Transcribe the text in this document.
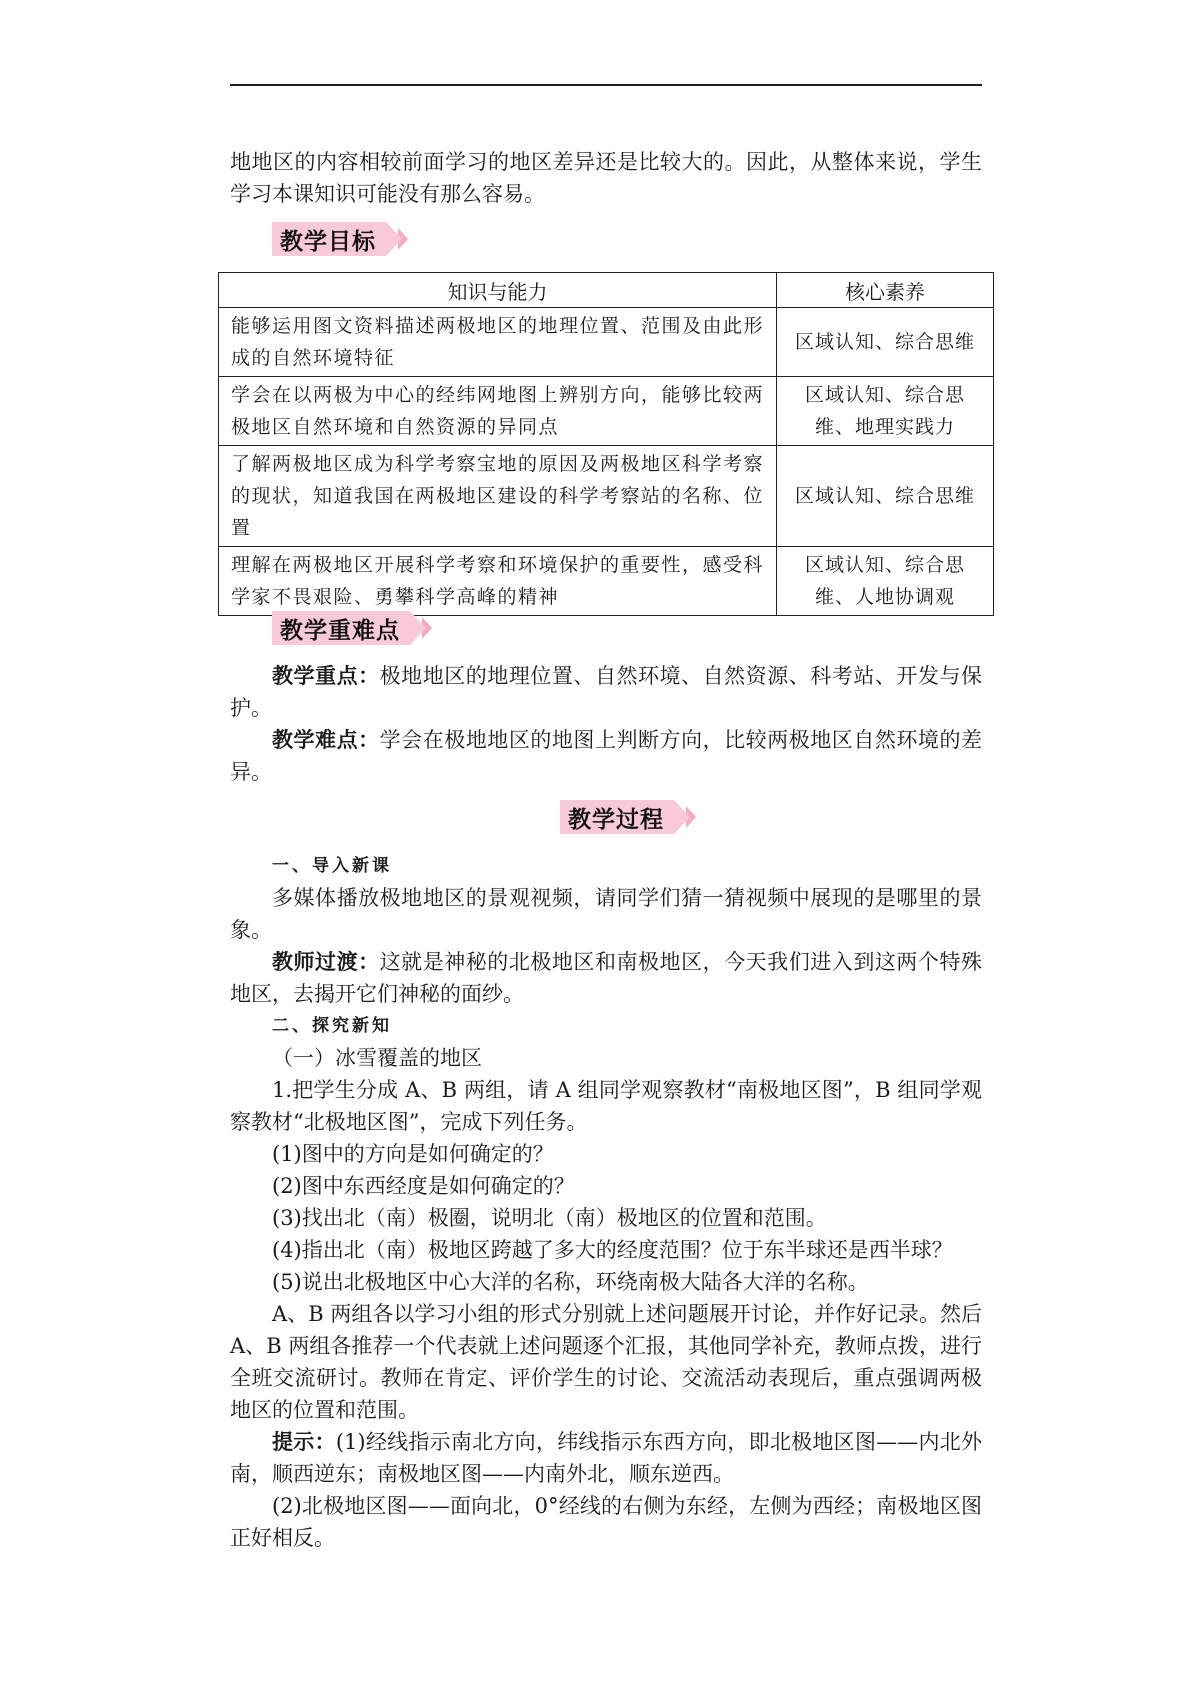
地地区的内容相较前面学习的地区差异还是比较大的。因此，从整体来说，学生学习本课知识可能没有那么容易。

教学目标
知识与能力	核心素养
能够运用图文资料描述两极地区的地理位置、范围及由此形成的自然环境特征	区域认知、综合思维
学会在以两极为中心的经纬网地图上辨别方向，能够比较两极地区自然环境和自然资源的异同点	区域认知、综合思维、地理实践力
了解两极地区成为科学考察宝地的原因及两极地区科学考察的现状，知道我国在两极地区建设的科学考察站的名称、位置	区域认知、综合思维
理解在两极地区开展科学考察和环境保护的重要性，感受科学家不畏艰险、勇攀科学高峰的精神	区域认知、综合思维、人地协调观
教学重难点

教学重点：极地地区的地理位置、自然环境、自然资源、科考站、开发与保护。

教学难点：学会在极地地区的地图上判断方向，比较两极地区自然环境的差异。

教学过程

一、导入新课

多媒体播放极地地区的景观视频，请同学们猜一猜视频中展现的是哪里的景象。

教师过渡：这就是神秘的北极地区和南极地区，今天我们进入到这两个特殊地区，去揭开它们神秘的面纱。

二、探究新知

（一）冰雪覆盖的地区

1.把学生分成 A、B 两组，请 A 组同学观察教材“南极地区图”，B 组同学观察教材“北极地区图”，完成下列任务。

(1)图中的方向是如何确定的？

(2)图中东西经度是如何确定的？

(3)找出北（南）极圈，说明北（南）极地区的位置和范围。

(4)指出北（南）极地区跨越了多大的经度范围？位于东半球还是西半球？

(5)说出北极地区中心大洋的名称，环绕南极大陆各大洋的名称。

A、B 两组各以学习小组的形式分别就上述问题展开讨论，并作好记录。然后 A、B 两组各推荐一个代表就上述问题逐个汇报，其他同学补充，教师点拨，进行全班交流研讨。教师在肯定、评价学生的讨论、交流活动表现后，重点强调两极地区的位置和范围。

提示：(1)经线指示南北方向，纬线指示东西方向，即北极地区图——内北外南，顺西逆东；南极地区图——内南外北，顺东逆西。

(2)北极地区图——面向北，0°经线的右侧为东经，左侧为西经；南极地区图正好相反。
